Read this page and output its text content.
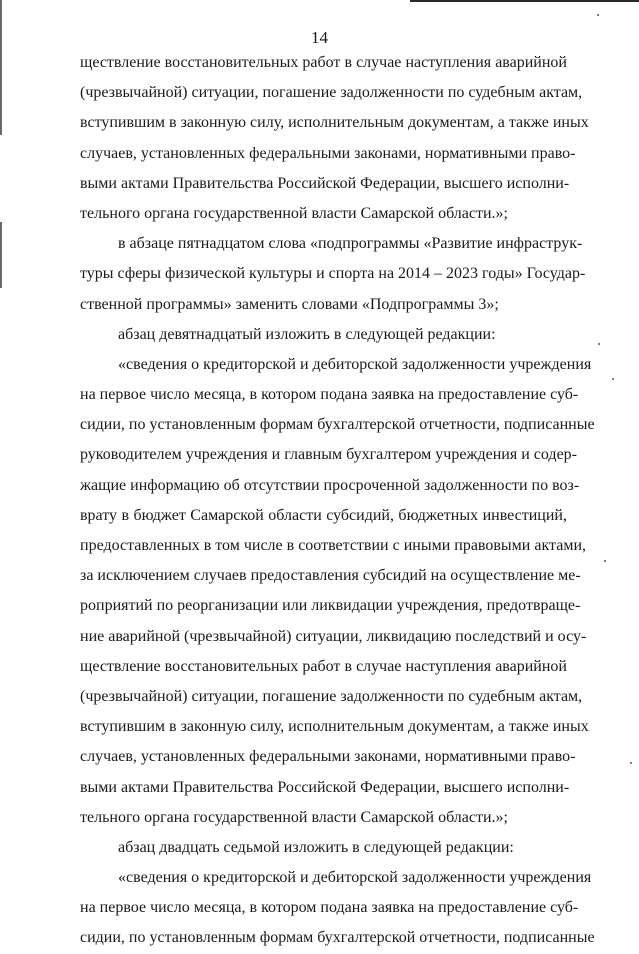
14
ществление восстановительных работ в случае наступления аварийной
(чрезвычайной) ситуации, погашение задолженности по судебным актам,
вступившим в законную силу, исполнительным документам, а также иных
случаев, установленных федеральными законами, нормативными право-
выми актами Правительства Российской Федерации, высшего исполни-
тельного органа государственной власти Самарской области.»;
в абзаце пятнадцатом слова «подпрограммы «Развитие инфраструк-
туры сферы физической культуры и спорта на 2014 – 2023 годы» Государ-
ственной программы» заменить словами «Подпрограммы 3»;
абзац девятнадцатый изложить в следующей редакции:
«сведения о кредиторской и дебиторской задолженности учреждения
на первое число месяца, в котором подана заявка на предоставление суб-
сидии, по установленным формам бухгалтерской отчетности, подписанные
руководителем учреждения и главным бухгалтером учреждения и содер-
жащие информацию об отсутствии просроченной задолженности по воз-
врату в бюджет Самарской области субсидий, бюджетных инвестиций,
предоставленных в том числе в соответствии с иными правовыми актами,
за исключением случаев предоставления субсидий на осуществление ме-
роприятий по реорганизации или ликвидации учреждения, предотвраще-
ние аварийной (чрезвычайной) ситуации, ликвидацию последствий и осу-
ществление восстановительных работ в случае наступления аварийной
(чрезвычайной) ситуации, погашение задолженности по судебным актам,
вступившим в законную силу, исполнительным документам, а также иных
случаев, установленных федеральными законами, нормативными право-
выми актами Правительства Российской Федерации, высшего исполни-
тельного органа государственной власти Самарской области.»;
абзац двадцать седьмой изложить в следующей редакции:
«сведения о кредиторской и дебиторской задолженности учреждения
на первое число месяца, в котором подана заявка на предоставление суб-
сидии, по установленным формам бухгалтерской отчетности, подписанные
